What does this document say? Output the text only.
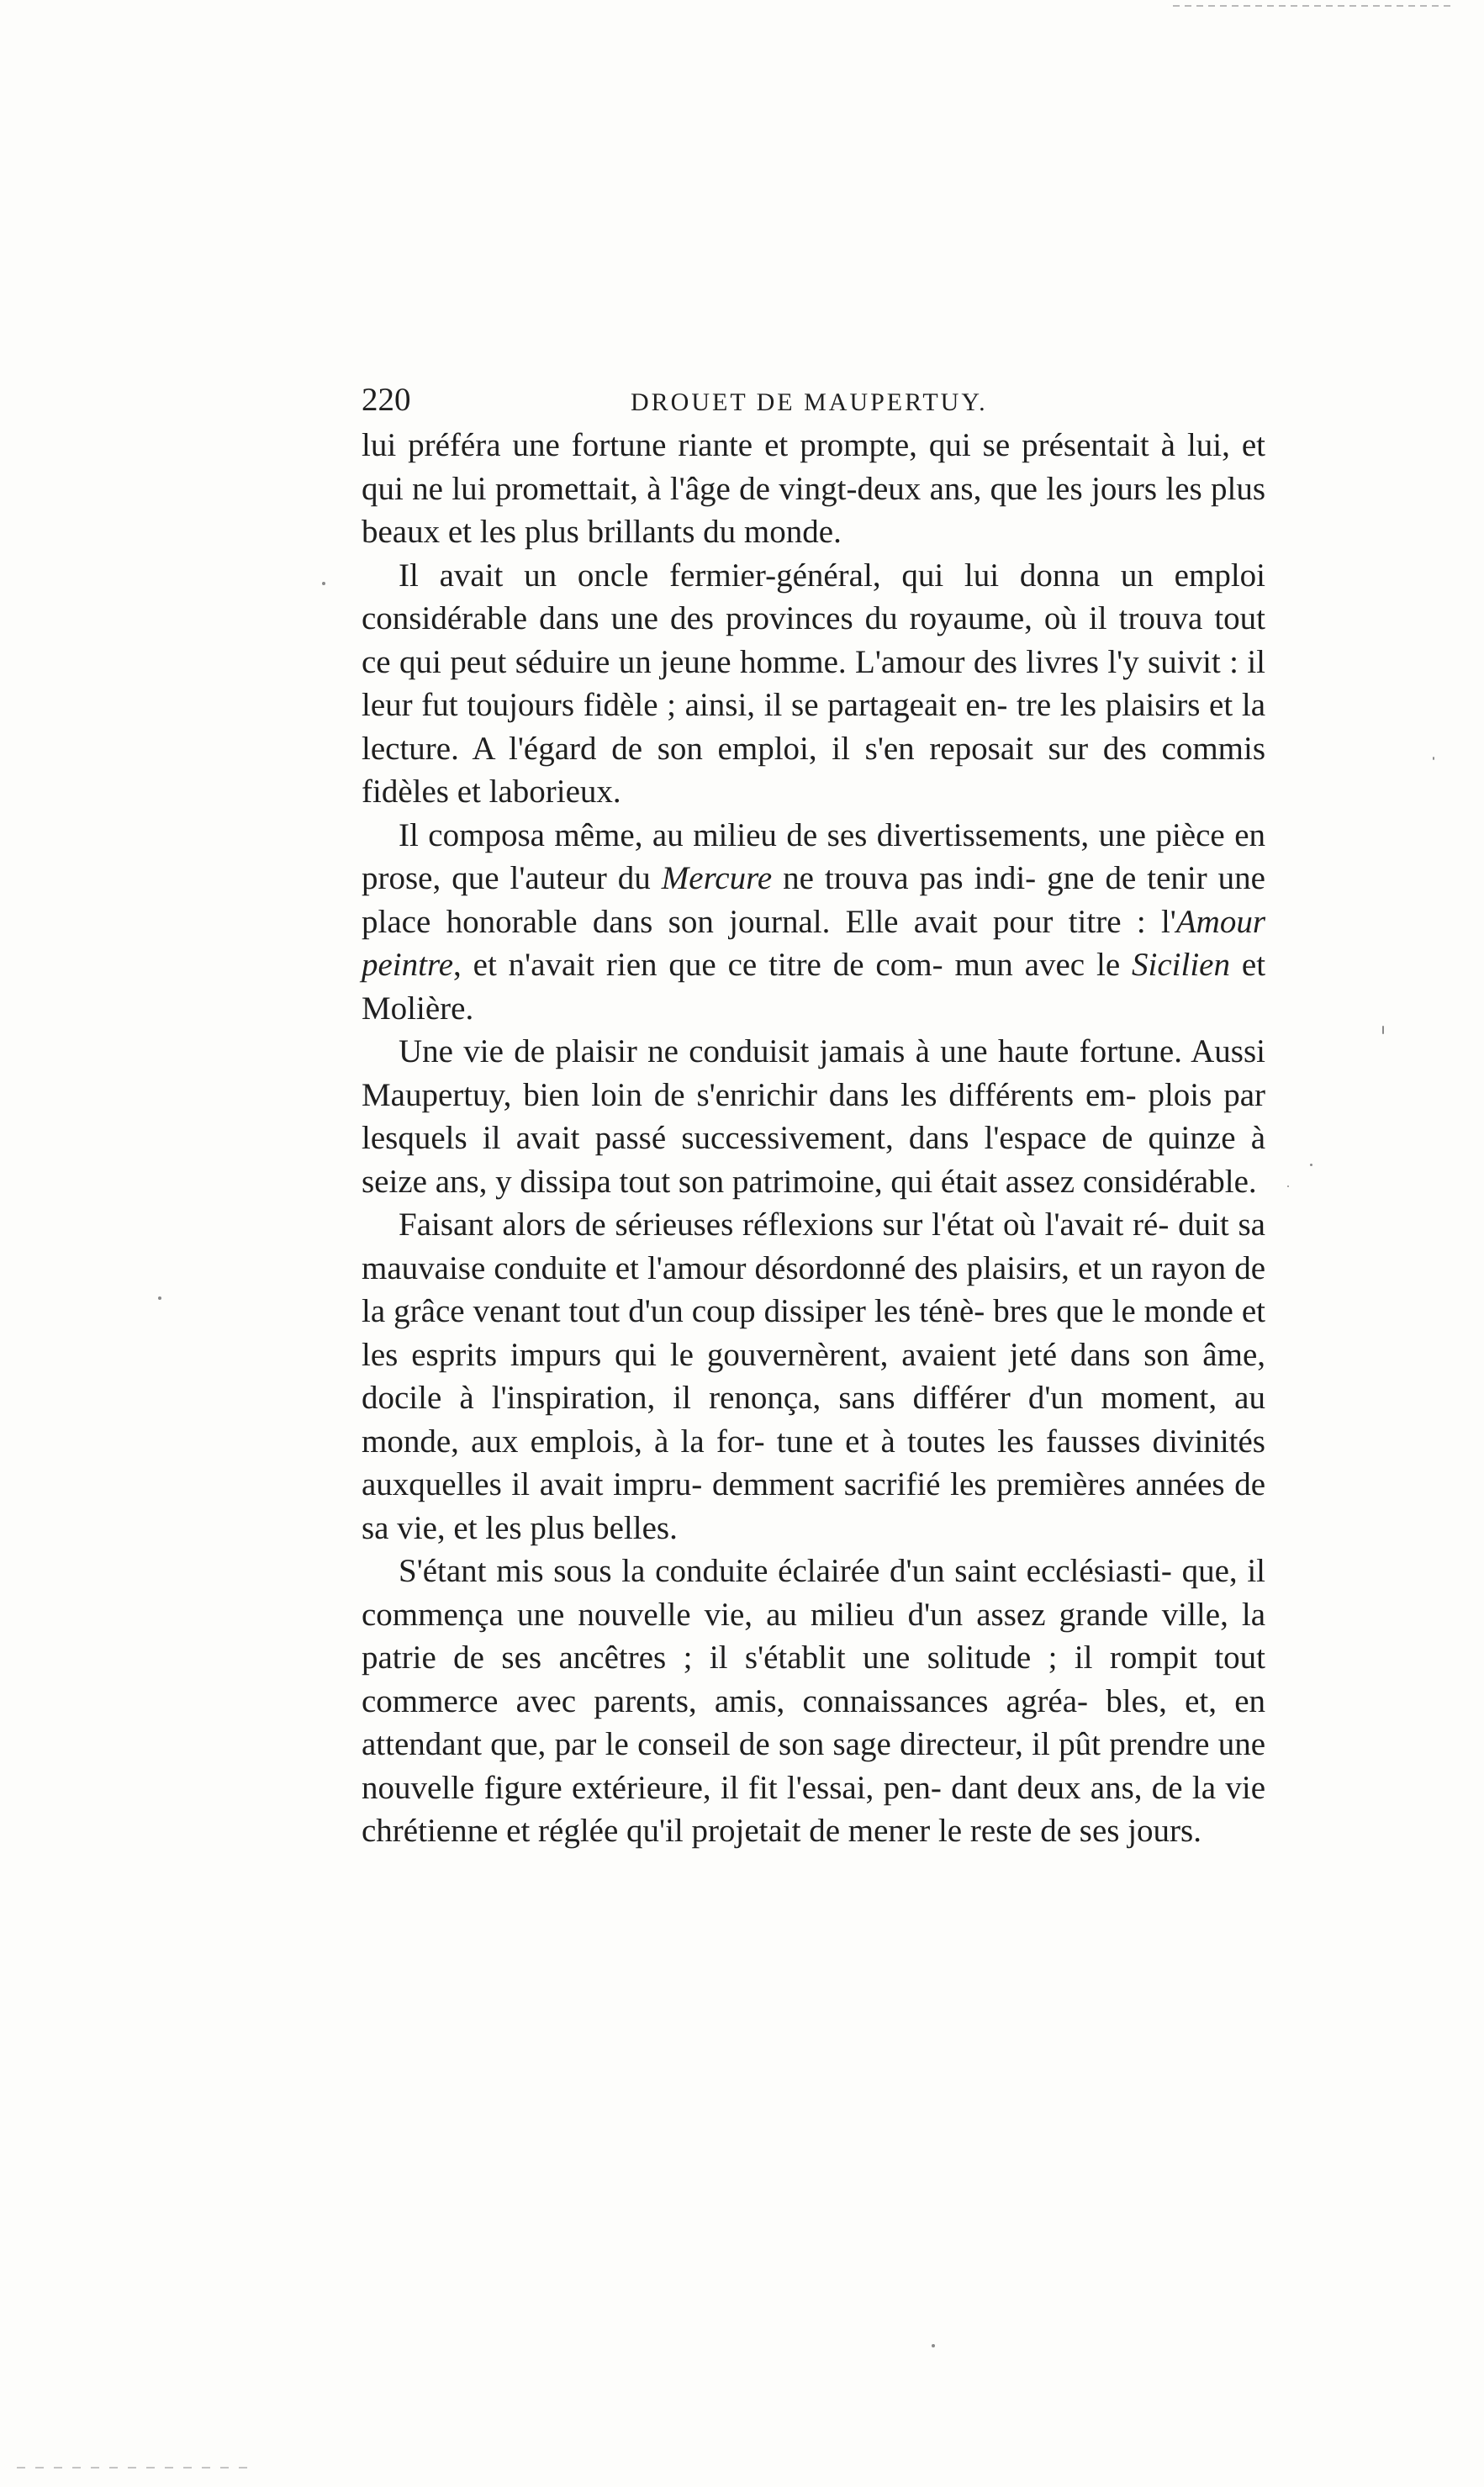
220	DROUET DE MAUPERTUY.

lui préféra une fortune riante et prompte, qui se présentait à lui, et qui ne lui promettait, à l'âge de vingt-deux ans, que les jours les plus beaux et les plus brillants du monde.

Il avait un oncle fermier-général, qui lui donna un emploi considérable dans une des provinces du royaume, où il trouva tout ce qui peut séduire un jeune homme. L'amour des livres l'y suivit : il leur fut toujours fidèle ; ainsi, il se partageait en- tre les plaisirs et la lecture. A l'égard de son emploi, il s'en reposait sur des commis fidèles et laborieux.

Il composa même, au milieu de ses divertissements, une pièce en prose, que l'auteur du Mercure ne trouva pas indi- gne de tenir une place honorable dans son journal. Elle avait pour titre : l'Amour peintre, et n'avait rien que ce titre de com- mun avec le Sicilien et Molière.

Une vie de plaisir ne conduisit jamais à une haute fortune. Aussi Maupertuy, bien loin de s'enrichir dans les différents em- plois par lesquels il avait passé successivement, dans l'espace de quinze à seize ans, y dissipa tout son patrimoine, qui était assez considérable.

Faisant alors de sérieuses réflexions sur l'état où l'avait ré- duit sa mauvaise conduite et l'amour désordonné des plaisirs, et un rayon de la grâce venant tout d'un coup dissiper les ténè- bres que le monde et les esprits impurs qui le gouvernèrent, avaient jeté dans son âme, docile à l'inspiration, il renonça, sans différer d'un moment, au monde, aux emplois, à la for- tune et à toutes les fausses divinités auxquelles il avait impru- demment sacrifié les premières années de sa vie, et les plus belles.

S'étant mis sous la conduite éclairée d'un saint ecclésiasti- que, il commença une nouvelle vie, au milieu d'un assez grande ville, la patrie de ses ancêtres ; il s'établit une solitude ; il rompit tout commerce avec parents, amis, connaissances agréa- bles, et, en attendant que, par le conseil de son sage directeur, il pût prendre une nouvelle figure extérieure, il fit l'essai, pen- dant deux ans, de la vie chrétienne et réglée qu'il projetait de mener le reste de ses jours.
